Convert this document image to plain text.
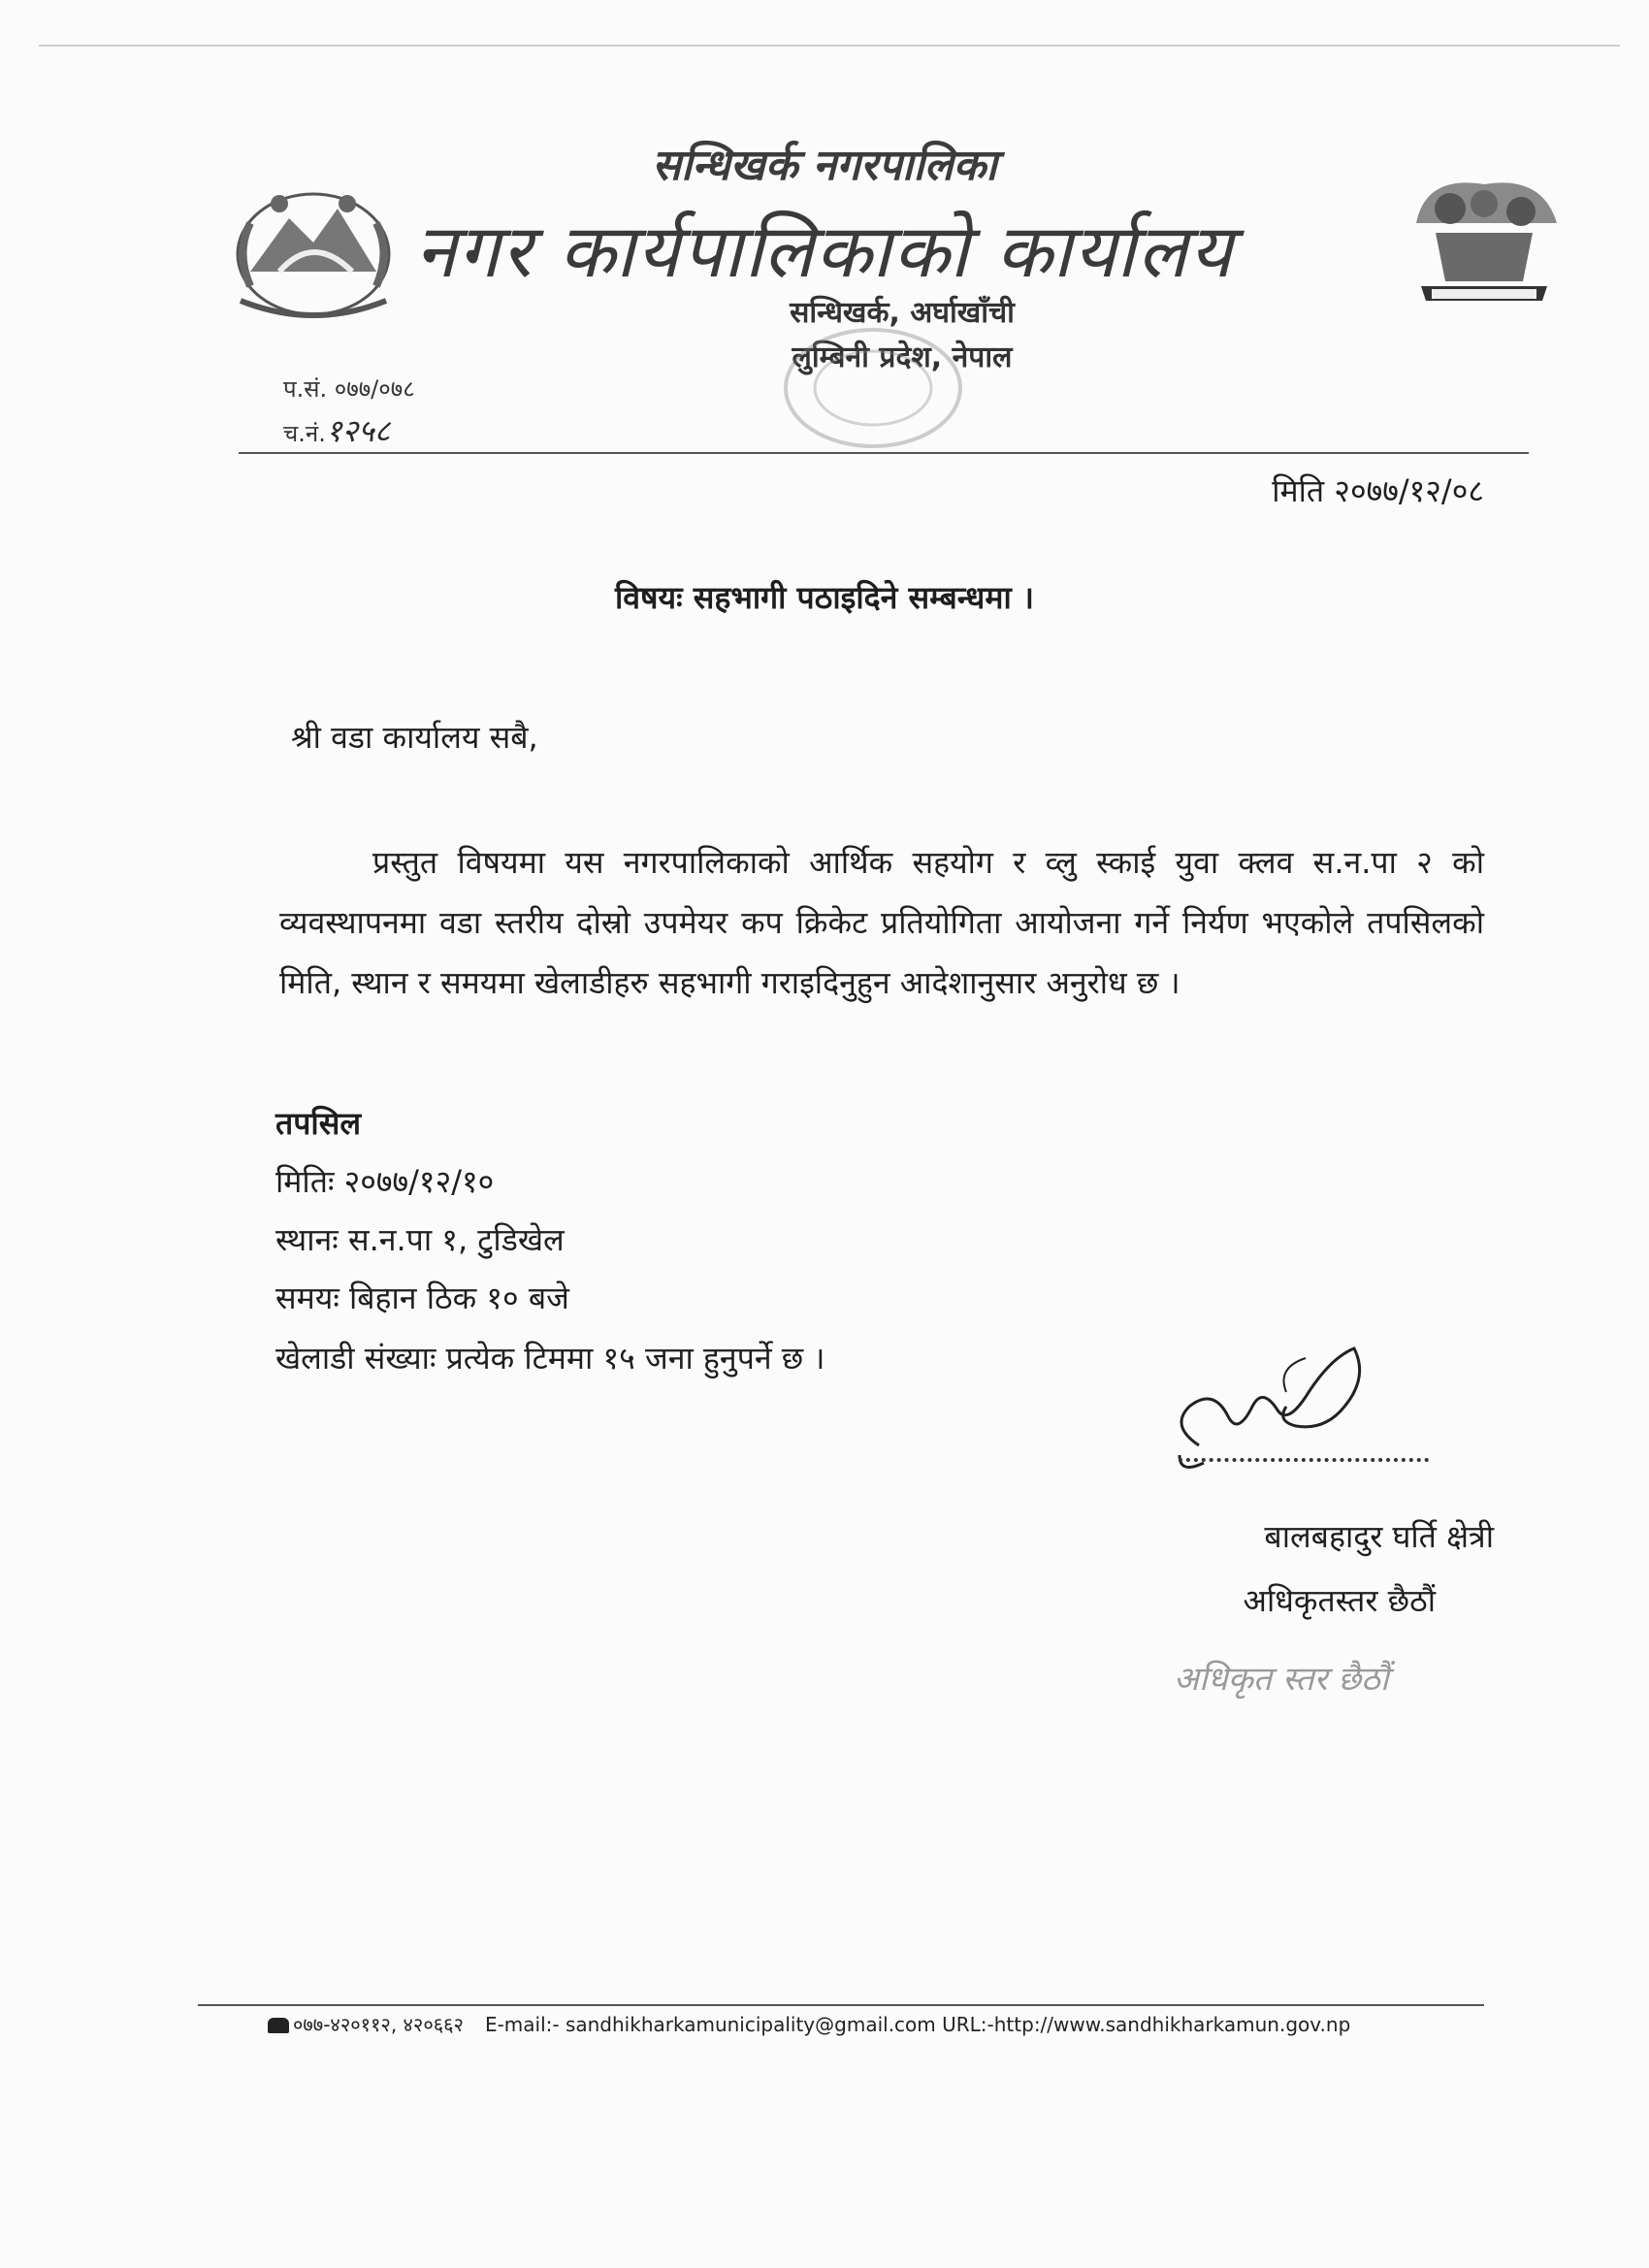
सन्धिखर्क नगरपालिका
नगर कार्यपालिकाको कार्यालय
सन्धिखर्क, अर्घाखाँची
लुम्बिनी प्रदेश, नेपाल
प.सं. ०७७/०७८
च.नं.१२५८
मिति २०७७/१२/०८
विषयः सहभागी पठाइदिने सम्बन्धमा ।
श्री वडा कार्यालय सबै,
प्रस्तुत विषयमा यस नगरपालिकाको आर्थिक सहयोग र व्लु स्काई युवा क्लव स.न.पा २ को व्यवस्थापनमा वडा स्तरीय दोस्रो उपमेयर कप क्रिकेट प्रतियोगिता आयोजना गर्ने निर्यण भएकोले तपसिलको मिति, स्थान र समयमा खेलाडीहरु सहभागी गराइदिनुहुन आदेशानुसार अनुरोध छ ।
तपसिल
मितिः २०७७/१२/१०
स्थानः स.न.पा १, टुडिखेल
समयः बिहान ठिक १० बजे
खेलाडी संख्याः प्रत्येक टिममा १५ जना हुनुपर्ने छ ।
बालबहादुर घर्ति क्षेत्री
अधिकृतस्तर छैठौं
अधिकृत स्तर छैठौं
०७७-४२०११२, ४२०६६२ E-mail:- sandhikharkamunicipality@gmail.com URL:-http://www.sandhikharkamun.gov.np
